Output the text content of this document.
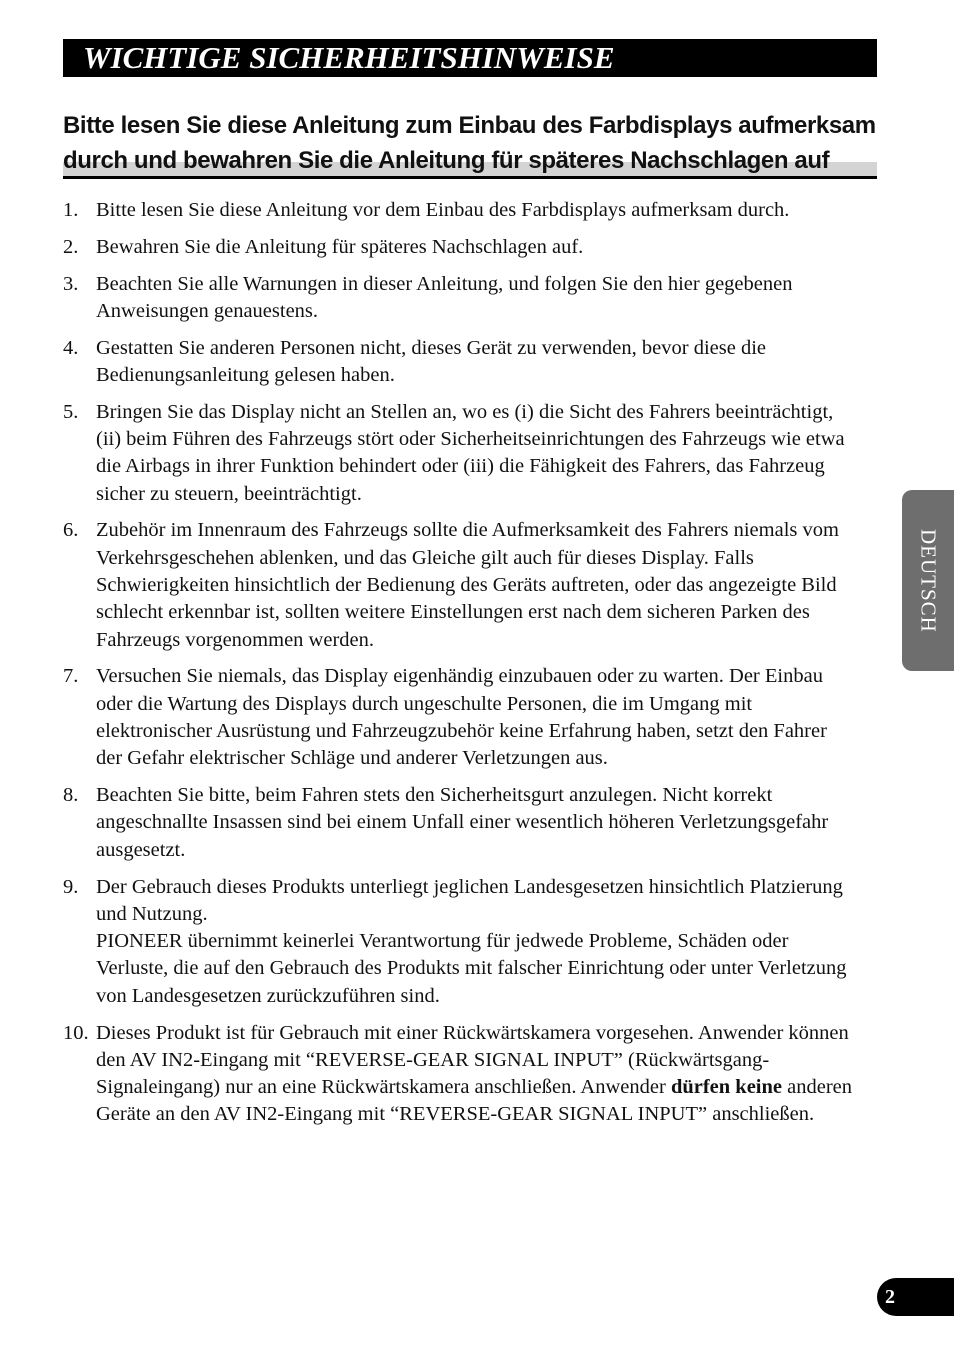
WICHTIGE SICHERHEITSHINWEISE
Bitte lesen Sie diese Anleitung zum Einbau des Farbdisplays aufmerksam
durch und bewahren Sie die Anleitung für späteres Nachschlagen auf
1. Bitte lesen Sie diese Anleitung vor dem Einbau des Farbdisplays aufmerksam durch.
2. Bewahren Sie die Anleitung für späteres Nachschlagen auf.
3. Beachten Sie alle Warnungen in dieser Anleitung, und folgen Sie den hier gegebenen Anweisungen genauestens.
4. Gestatten Sie anderen Personen nicht, dieses Gerät zu verwenden, bevor diese die Bedienungsanleitung gelesen haben.
5. Bringen Sie das Display nicht an Stellen an, wo es (i) die Sicht des Fahrers beeinträchtigt, (ii) beim Führen des Fahrzeugs stört oder Sicherheitseinrichtungen des Fahrzeugs wie etwa die Airbags in ihrer Funktion behindert oder (iii) die Fähigkeit des Fahrers, das Fahrzeug sicher zu steuern, beeinträchtigt.
6. Zubehör im Innenraum des Fahrzeugs sollte die Aufmerksamkeit des Fahrers niemals vom Verkehrsgeschehen ablenken, und das Gleiche gilt auch für dieses Display. Falls Schwierigkeiten hinsichtlich der Bedienung des Geräts auftreten, oder das angezeigte Bild schlecht erkennbar ist, sollten weitere Einstellungen erst nach dem sicheren Parken des Fahrzeugs vorgenommen werden.
7. Versuchen Sie niemals, das Display eigenhändig einzubauen oder zu warten. Der Einbau oder die Wartung des Displays durch ungeschulte Personen, die im Umgang mit elektronischer Ausrüstung und Fahrzeugzubehör keine Erfahrung haben, setzt den Fahrer der Gefahr elektrischer Schläge und anderer Verletzungen aus.
8. Beachten Sie bitte, beim Fahren stets den Sicherheitsgurt anzulegen. Nicht korrekt angeschnallte Insassen sind bei einem Unfall einer wesentlich höheren Verletzungsgefahr ausgesetzt.
9. Der Gebrauch dieses Produkts unterliegt jeglichen Landesgesetzen hinsichtlich Platzierung und Nutzung.
PIONEER übernimmt keinerlei Verantwortung für jedwede Probleme, Schäden oder Verluste, die auf den Gebrauch des Produkts mit falscher Einrichtung oder unter Verletzung von Landesgesetzen zurückzuführen sind.
10. Dieses Produkt ist für Gebrauch mit einer Rückwärtskamera vorgesehen. Anwender können den AV IN2-Eingang mit “REVERSE-GEAR SIGNAL INPUT” (Rückwärtsgang-Signaleingang) nur an eine Rückwärtskamera anschließen. Anwender dürfen keine anderen Geräte an den AV IN2-Eingang mit “REVERSE-GEAR SIGNAL INPUT” anschließen.
DEUTSCH
2
